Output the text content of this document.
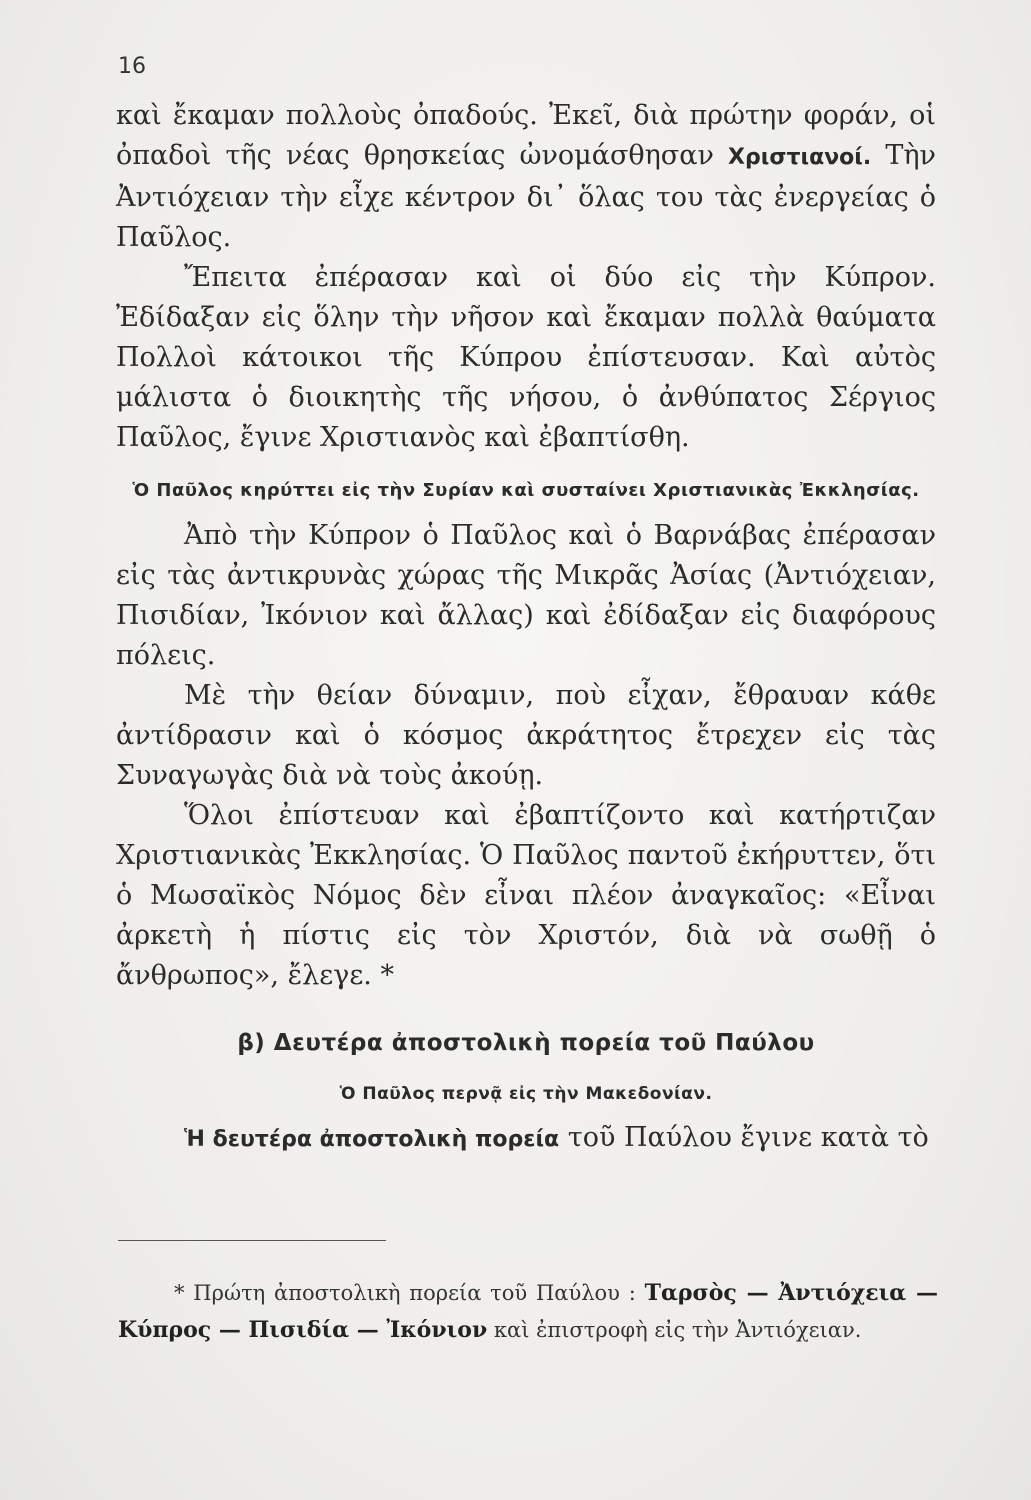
16

καὶ ἔκαμαν πολλοὺς ὀπαδούς. Ἐκεῖ, διὰ πρώτην φοράν, οἱ ὀπαδοὶ τῆς νέας θρησκείας ὠνομάσθησαν Χριστιανοί. Τὴν Ἀντιόχειαν τὴν εἶχε κέντρον δι᾽ ὅλας του τὰς ἐνεργείας ὁ Παῦλος.

Ἔπειτα ἐπέρασαν καὶ οἱ δύο εἰς τὴν Κύπρον. Ἐδίδαξαν εἰς ὅλην τὴν νῆσον καὶ ἔκαμαν πολλὰ θαύματα Πολλοὶ κάτοικοι τῆς Κύπρου ἐπίστευσαν. Καὶ αὐτὸς μάλιστα ὁ διοικητὴς τῆς νήσου, ὁ ἀνθύπατος Σέργιος Παῦλος, ἔγινε Χριστιανὸς καὶ ἐβαπτίσθη.

Ὁ Παῦλος κηρύττει εἰς τὴν Συρίαν καὶ συσταίνει Χριστιανικὰς Ἐκκλησίας.

Ἀπὸ τὴν Κύπρον ὁ Παῦλος καὶ ὁ Βαρνάβας ἐπέρασαν εἰς τὰς ἀντικρυνὰς χώρας τῆς Μικρᾶς Ἀσίας (Ἀντιόχειαν, Πισιδίαν, Ἰκόνιον καὶ ἄλλας) καὶ ἐδίδαξαν εἰς διαφόρους πόλεις.

Μὲ τὴν θείαν δύναμιν, ποὺ εἶχαν, ἔθραυαν κάθε ἀντίδρασιν καὶ ὁ κόσμος ἀκράτητος ἔτρεχεν εἰς τὰς Συναγωγὰς διὰ νὰ τοὺς ἀκούῃ.

Ὅλοι ἐπίστευαν καὶ ἐβαπτίζοντο καὶ κατήρτιζαν Χριστιανικὰς Ἐκκλησίας. Ὁ Παῦλος παντοῦ ἐκήρυττεν, ὅτι ὁ Μωσαϊκὸς Νόμος δὲν εἶναι πλέον ἀναγκαῖος: «Εἶναι ἀρκετὴ ἡ πίστις εἰς τὸν Χριστόν, διὰ νὰ σωθῇ ὁ ἄνθρωπος», ἔλεγε. *

β) Δευτέρα ἀποστολικὴ πορεία τοῦ Παύλου
Ὁ Παῦλος περνᾷ εἰς τὴν Μακεδονίαν.

Ἡ δευτέρα ἀποστολικὴ πορεία τοῦ Παύλου ἔγινε κατὰ τὸ

* Πρώτη ἀποστολικὴ πορεία τοῦ Παύλου : Ταρσὸς — Ἀντιόχεια — Κύπρος — Πισιδία — Ἰκόνιον καὶ ἐπιστροφὴ εἰς τὴν Ἀντιόχειαν.
